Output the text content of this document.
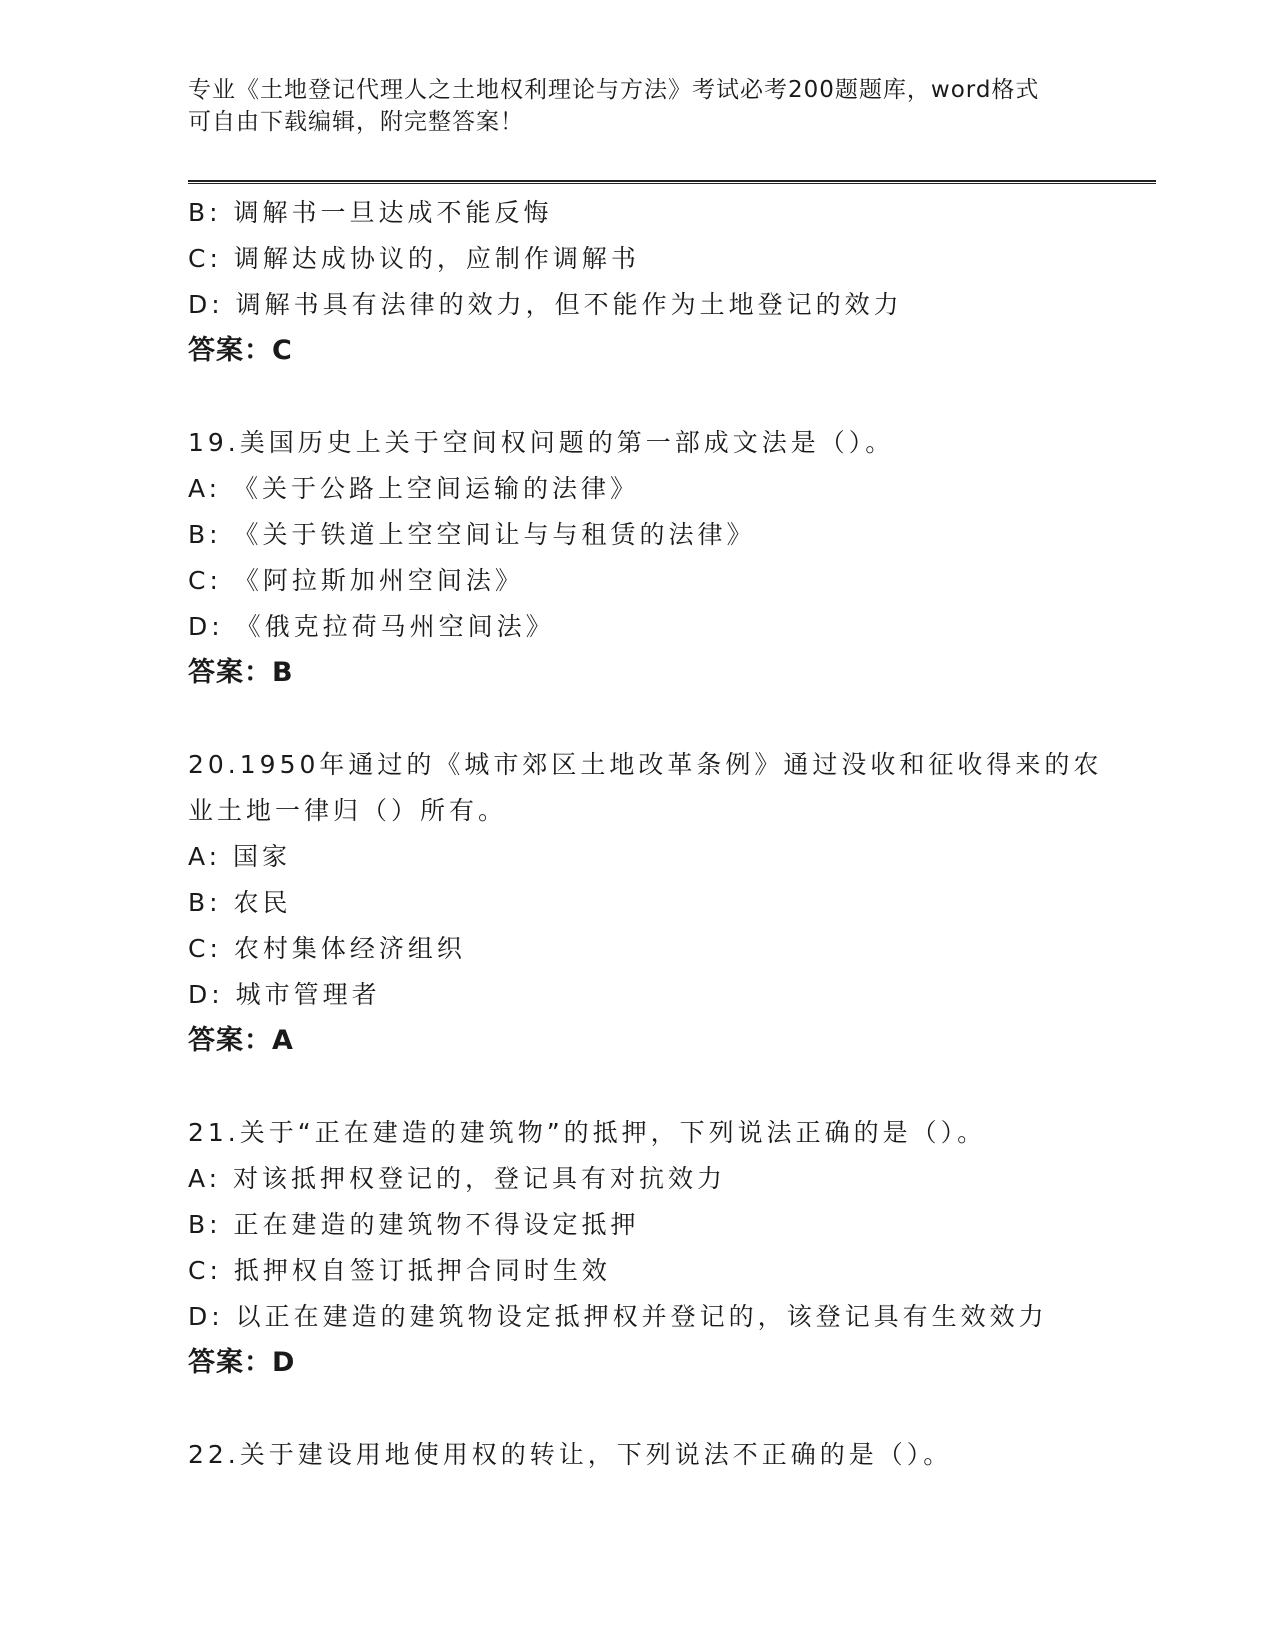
专业《土地登记代理人之土地权利理论与方法》考试必考200题题库，word格式
可自由下载编辑，附完整答案！
B: 调解书一旦达成不能反悔
C: 调解达成协议的，应制作调解书
D: 调解书具有法律的效力，但不能作为土地登记的效力
答案：C
19.美国历史上关于空间权问题的第一部成文法是（）。
A: 《关于公路上空间运输的法律》
B: 《关于铁道上空空间让与与租赁的法律》
C: 《阿拉斯加州空间法》
D: 《俄克拉荷马州空间法》
答案：B
20.1950年通过的《城市郊区土地改革条例》通过没收和征收得来的农
业土地一律归（）所有。
A: 国家
B: 农民
C: 农村集体经济组织
D: 城市管理者
答案：A
21.关于“正在建造的建筑物”的抵押，下列说法正确的是（）。
A: 对该抵押权登记的，登记具有对抗效力
B: 正在建造的建筑物不得设定抵押
C: 抵押权自签订抵押合同时生效
D: 以正在建造的建筑物设定抵押权并登记的，该登记具有生效效力
答案：D
22.关于建设用地使用权的转让，下列说法不正确的是（）。
